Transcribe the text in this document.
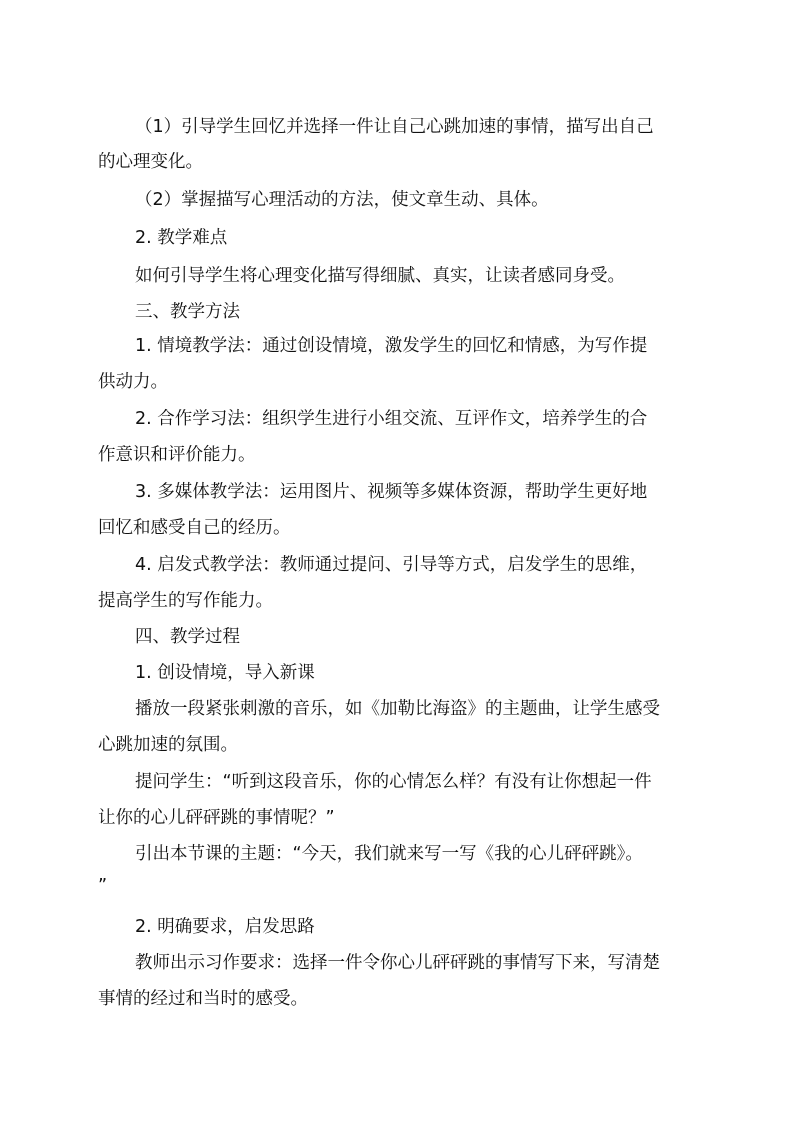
（1）引导学生回忆并选择一件让自己心跳加速的事情，描写出自己
的心理变化。
（2）掌握描写心理活动的方法，使文章生动、具体。
2. 教学难点
如何引导学生将心理变化描写得细腻、真实，让读者感同身受。
三、教学方法
1. 情境教学法：通过创设情境，激发学生的回忆和情感，为写作提
供动力。
2. 合作学习法：组织学生进行小组交流、互评作文，培养学生的合
作意识和评价能力。
3. 多媒体教学法：运用图片、视频等多媒体资源，帮助学生更好地
回忆和感受自己的经历。
4. 启发式教学法：教师通过提问、引导等方式，启发学生的思维，
提高学生的写作能力。
四、教学过程
1. 创设情境，导入新课
播放一段紧张刺激的音乐，如《加勒比海盗》的主题曲，让学生感受
心跳加速的氛围。
提问学生：“听到这段音乐，你的心情怎么样？有没有让你想起一件
让你的心儿砰砰跳的事情呢？”
引出本节课的主题：“今天，我们就来写一写《我的心儿砰砰跳》。
”
2. 明确要求，启发思路
教师出示习作要求：选择一件令你心儿砰砰跳的事情写下来，写清楚
事情的经过和当时的感受。
